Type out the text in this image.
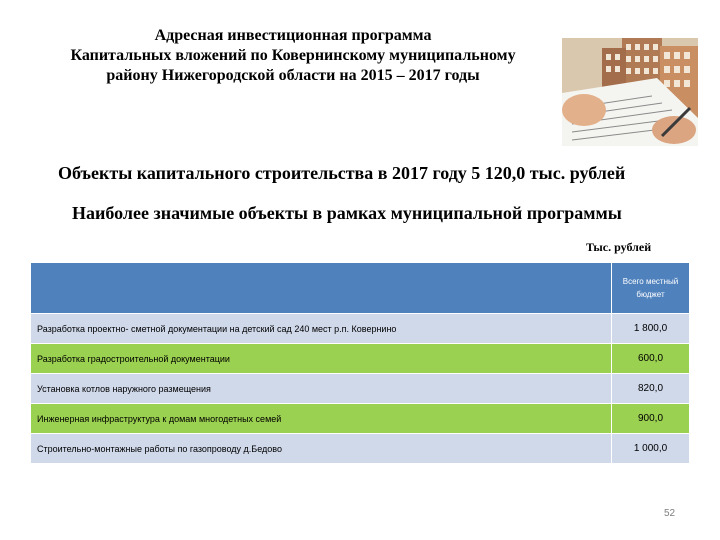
Адресная инвестиционная программа
Капитальных вложений по Ковернинскому муниципальному
району Нижегородской области на 2015 – 2017 годы
Объекты капитального строительства в 2017 году 5 120,0 тыс. рублей
Наиболее значимые объекты в рамках муниципальной программы
Тыс. рублей
	Всего местный бюджет
Разработка проектно- сметной документации на детский сад 240 мест р.п. Ковернино	1 800,0
Разработка градостроительной документации	600,0
Установка котлов наружного размещения	820,0
Инженерная инфраструктура к домам многодетных семей	900,0
Строительно-монтажные работы по газопроводу д.Бедово	1 000,0
52
